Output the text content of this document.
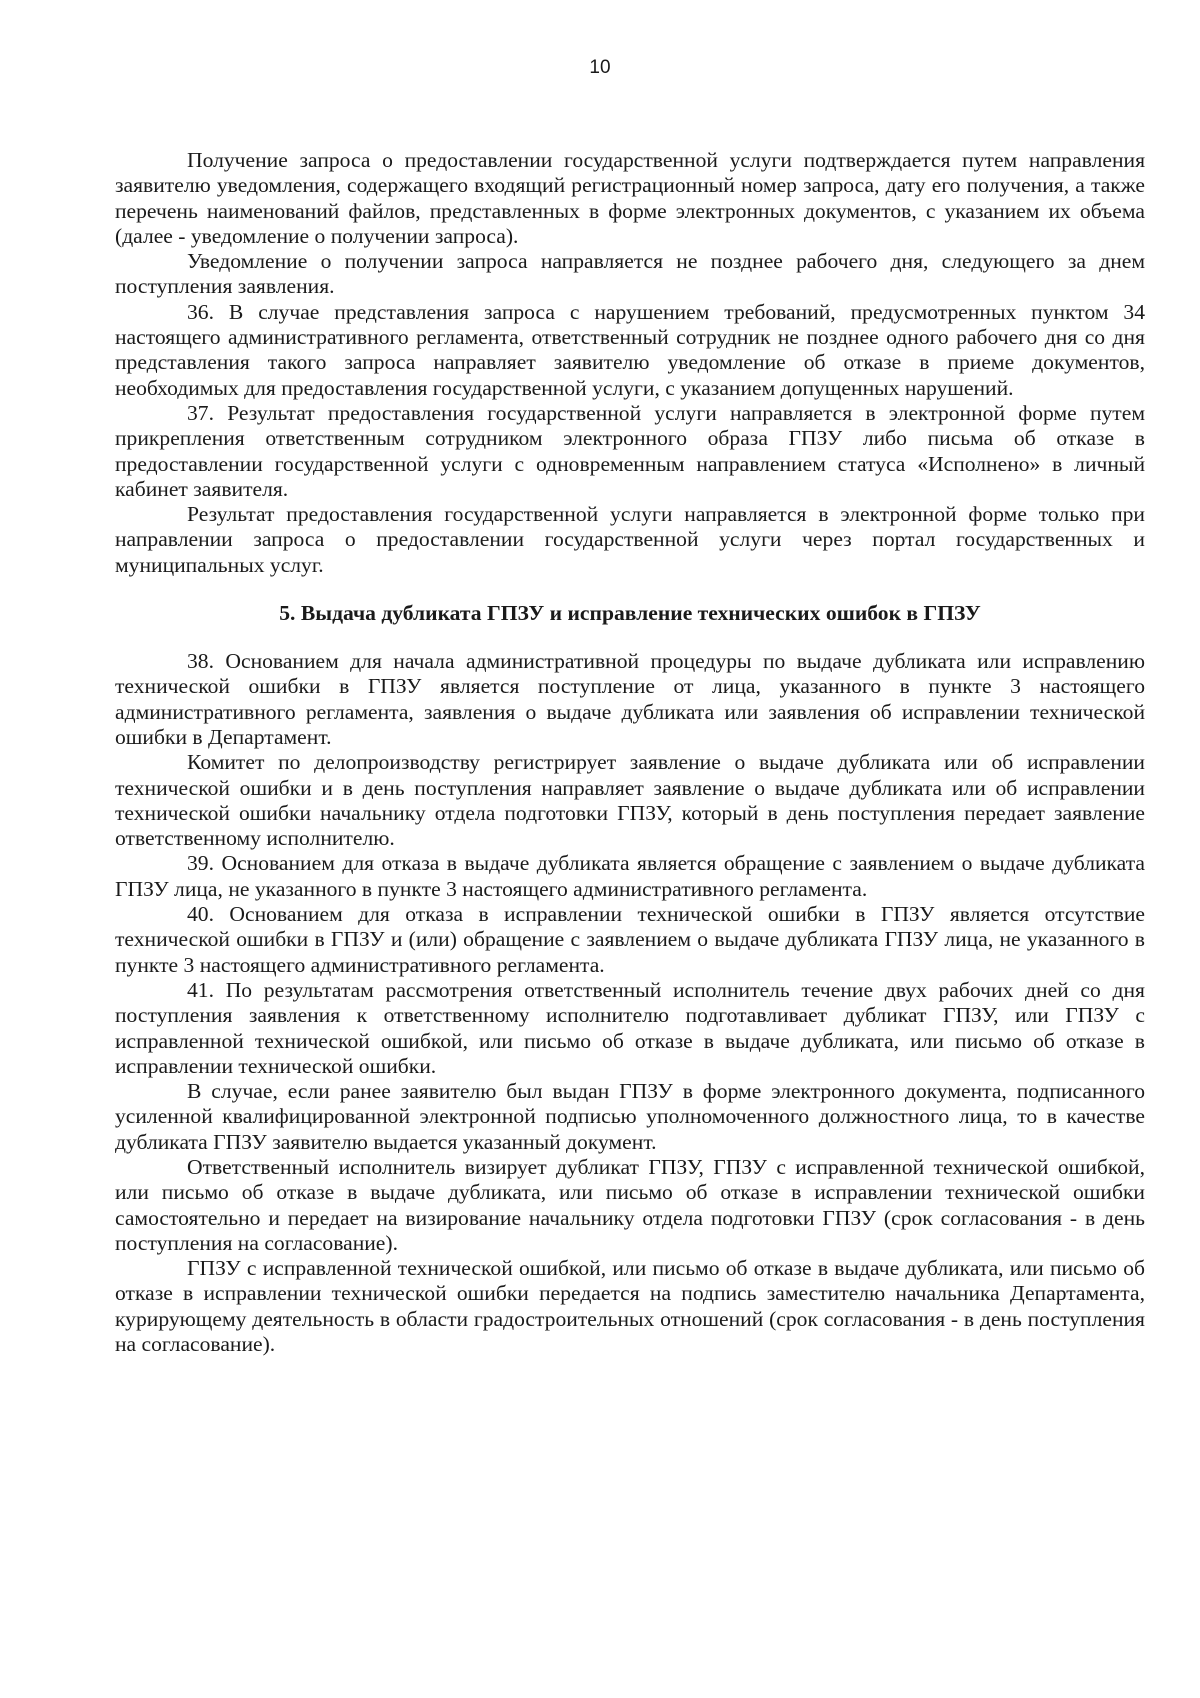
10

Получение запроса о предоставлении государственной услуги подтверждается путем направления заявителю уведомления, содержащего входящий регистрационный номер запроса, дату его получения, а также перечень наименований файлов, представленных в форме электронных документов, с указанием их объема (далее - уведомление о получении запроса).

Уведомление о получении запроса направляется не позднее рабочего дня, следующего за днем поступления заявления.

36. В случае представления запроса с нарушением требований, предусмотренных пунктом 34 настоящего административного регламента, ответственный сотрудник не позднее одного рабочего дня со дня представления такого запроса направляет заявителю уведомление об отказе в приеме документов, необходимых для предоставления государственной услуги, с указанием допущенных нарушений.

37. Результат предоставления государственной услуги направляется в электронной форме путем прикрепления ответственным сотрудником электронного образа ГПЗУ либо письма об отказе в предоставлении государственной услуги с одновременным направлением статуса «Исполнено» в личный кабинет заявителя.

Результат предоставления государственной услуги направляется в электронной форме только при направлении запроса о предоставлении государственной услуги через портал государственных и муниципальных услуг.

5. Выдача дубликата ГПЗУ и исправление технических ошибок в ГПЗУ

38. Основанием для начала административной процедуры по выдаче дубликата или исправлению технической ошибки в ГПЗУ является поступление от лица, указанного в пункте 3 настоящего административного регламента, заявления о выдаче дубликата или заявления об исправлении технической ошибки в Департамент.

Комитет по делопроизводству регистрирует заявление о выдаче дубликата или об исправлении технической ошибки и в день поступления направляет заявление о выдаче дубликата или об исправлении технической ошибки начальнику отдела подготовки ГПЗУ, который в день поступления передает заявление ответственному исполнителю.

39. Основанием для отказа в выдаче дубликата является обращение с заявлением о выдаче дубликата ГПЗУ лица, не указанного в пункте 3 настоящего административного регламента.

40. Основанием для отказа в исправлении технической ошибки в ГПЗУ является отсутствие технической ошибки в ГПЗУ и (или) обращение с заявлением о выдаче дубликата ГПЗУ лица, не указанного в пункте 3 настоящего административного регламента.

41. По результатам рассмотрения ответственный исполнитель течение двух рабочих дней со дня поступления заявления к ответственному исполнителю подготавливает дубликат ГПЗУ, или ГПЗУ с исправленной технической ошибкой, или письмо об отказе в выдаче дубликата, или письмо об отказе в исправлении технической ошибки.

В случае, если ранее заявителю был выдан ГПЗУ в форме электронного документа, подписанного усиленной квалифицированной электронной подписью уполномоченного должностного лица, то в качестве дубликата ГПЗУ заявителю выдается указанный документ.

Ответственный исполнитель визирует дубликат ГПЗУ, ГПЗУ с исправленной технической ошибкой, или письмо об отказе в выдаче дубликата, или письмо об отказе в исправлении технической ошибки самостоятельно и передает на визирование начальнику отдела подготовки ГПЗУ (срок согласования - в день поступления на согласование).

ГПЗУ с исправленной технической ошибкой, или письмо об отказе в выдаче дубликата, или письмо об отказе в исправлении технической ошибки передается на подпись заместителю начальника Департамента, курирующему деятельность в области градостроительных отношений (срок согласования - в день поступления на согласование).
